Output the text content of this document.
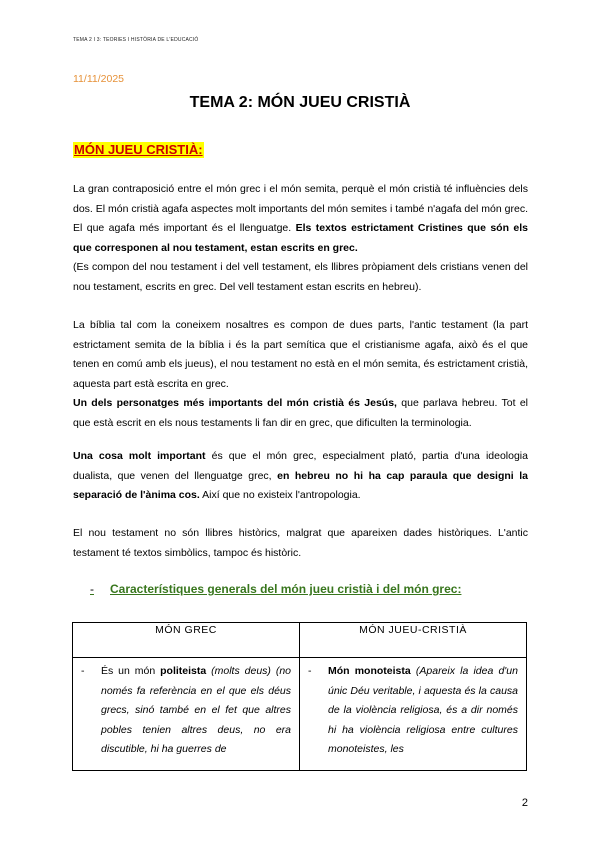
TEMA 2 I 3: TEORIES I HISTÒRIA DE L'EDUCACIÓ
11/11/2025
TEMA 2: MÓN JUEU CRISTIÀ
MÓN JUEU CRISTIÀ:

La gran contraposició entre el món grec i el món semita, perquè el món cristià té influències dels dos. El món cristià agafa aspectes molt importants del món semites i també n'agafa del món grec. El que agafa més important és el llenguatge. Els textos estrictament Cristines que són els que corresponen al nou testament, estan escrits en grec.

(Es compon del nou testament i del vell testament, els llibres pròpiament dels cristians venen del nou testament, escrits en grec. Del vell testament estan escrits en hebreu).

La bíblia tal com la coneixem nosaltres es compon de dues parts, l'antic testament (la part estrictament semita de la bíblia i és la part semítica que el cristianisme agafa, això és el que tenen en comú amb els jueus), el nou testament no està en el món semita, és estrictament cristià, aquesta part està escrita en grec.

Un dels personatges més importants del món cristià és Jesús, que parlava hebreu. Tot el que està escrit en els nous testaments li fan dir en grec, que dificulten la terminologia.

Una cosa molt important és que el món grec, especialment plató, partia d'una ideologia dualista, que venen del llenguatge grec, en hebreu no hi ha cap paraula que designi la separació de l'ànima cos. Així que no existeix l'antropologia.

El nou testament no són llibres històrics, malgrat que apareixen dades històriques. L'antic testament té textos simbòlics, tampoc és històric.

- Característiques generals del món jueu cristià i del món grec:
MÓN GREC	MÓN JUEU-CRISTIÀ

- És un món politeista (molts deus) (no només fa referència en el que els déus grecs, sinó també en el fet que altres pobles tenien altres deus, no era discutible, hi ha guerres de	- Món monoteista (Apareix la idea d'un únic Déu veritable, i aquesta és la causa de la violència religiosa, és a dir només hi ha violència religiosa entre cultures monoteistes, les
2
